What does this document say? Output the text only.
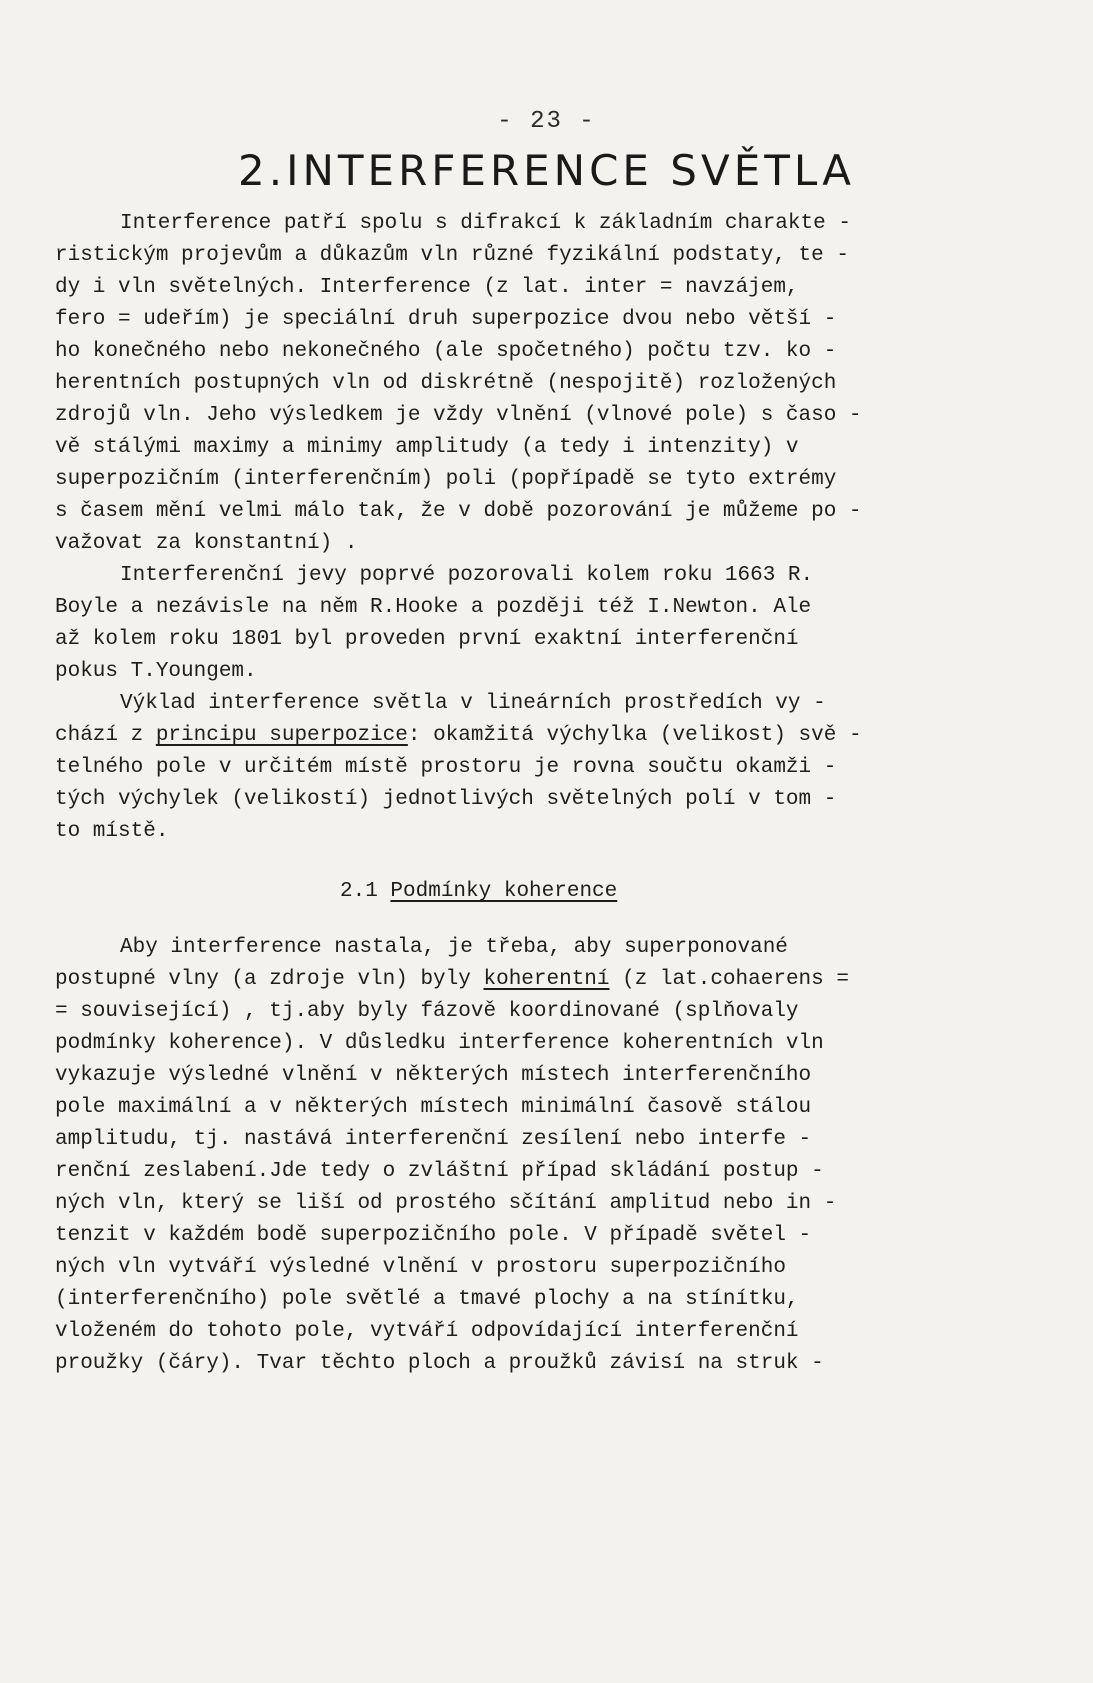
- 23 -
2.INTERFERENCE SVĚTLA
Interference patří spolu s difrakcí k základním charakte -
ristickým projevům a důkazům vln různé fyzikální podstaty, te -
dy i vln světelných. Interference (z lat. inter = navzájem,
fero = udeřím) je speciální druh superpozice dvou nebo větší -
ho konečného nebo nekonečného (ale spočetného) počtu tzv. ko -
herentních postupných vln od diskrétně (nespojitě) rozložených
zdrojů vln. Jeho výsledkem je vždy vlnění (vlnové pole) s časo -
vě stálými maximy a minimy amplitudy (a tedy i intenzity) v
superpozičním (interferenčním) poli (popřípadě se tyto extrémy
s časem mění velmi málo tak, že v době pozorování je můžeme po -
važovat za konstantní) .
Interferenční jevy poprvé pozorovali kolem roku 1663 R.
Boyle a nezávisle na něm R.Hooke a později též I.Newton. Ale
až kolem roku 1801 byl proveden první exaktní interferenční
pokus T.Youngem.
Výklad interference světla v lineárních prostředích vy -
chází z principu superpozice: okamžitá výchylka (velikost) svě -
telného pole v určitém místě prostoru je rovna součtu okamži -
tých výchylek (velikostí) jednotlivých světelných polí v tom -
to místě.
2.1 Podmínky koherence
Aby interference nastala, je třeba, aby superponované
postupné vlny (a zdroje vln) byly koherentní (z lat.cohaerens =
= související) , tj.aby byly fázově koordinované (splňovaly
podmínky koherence). V důsledku interference koherentních vln
vykazuje výsledné vlnění v některých místech interferenčního
pole maximální a v některých místech minimální časově stálou
amplitudu, tj. nastává interferenční zesílení nebo interfe -
renční zeslabení.Jde tedy o zvláštní případ skládání postup -
ných vln, který se liší od prostého sčítání amplitud nebo in -
tenzit v každém bodě superpozičního pole. V případě světel -
ných vln vytváří výsledné vlnění v prostoru superpozičního
(interferenčního) pole světlé a tmavé plochy a na stínítku,
vloženém do tohoto pole, vytváří odpovídající interferenční
proužky (čáry). Tvar těchto ploch a proužků závisí na struk -
